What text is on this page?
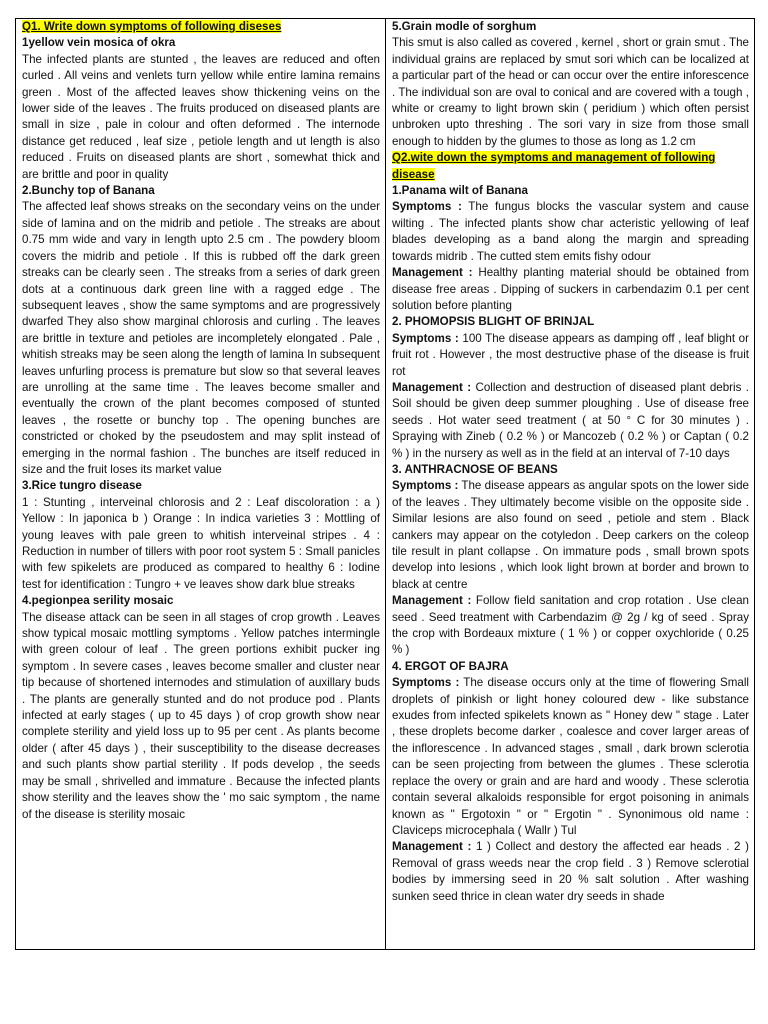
Q1. Write down symptoms of following diseses

1yellow vein mosica of okra

The infected plants are stunted , the leaves are reduced and often curled . All veins and venlets turn yellow while entire lamina remains green . Most of the affected leaves show thickening veins on the lower side of the leaves . The fruits produced on diseased plants are small in size , pale in colour and often deformed . The internode distance get reduced , leaf size , petiole length and ut length is also reduced . Fruits on diseased plants are short , somewhat thick and are brittle and poor in quality

2.Bunchy top of Banana

The affected leaf shows streaks on the secondary veins on the under side of lamina and on the midrib and petiole . The streaks are about 0.75 mm wide and vary in length upto 2.5 cm . The powdery bloom covers the midrib and petiole . If this is rubbed off the dark green streaks can be clearly seen . The streaks from a series of dark green dots at a continuous dark green line with a ragged edge . The subsequent leaves , show the same symptoms and are progressively dwarfed They also show marginal chlorosis and curling . The leaves are brittle in texture and petioles are incompletely elongated . Pale , whitish streaks may be seen along the length of lamina In subsequent leaves unfurling process is premature but slow so that several leaves are unrolling at the same time . The leaves become smaller and eventually the crown of the plant becomes composed of stunted leaves , the rosette or bunchy top . The opening bunches are constricted or choked by the pseudostem and may split instead of emerging in the normal fashion . The bunches are itself reduced in size and the fruit loses its market value

3.Rice tungro disease

1 : Stunting , interveinal chlorosis and 2 : Leaf discoloration : a ) Yellow : In japonica b ) Orange : In indica varieties 3 : Mottling of young leaves with pale green to whitish interveinal stripes . 4 : Reduction in number of tillers with poor root system 5 : Small panicles with few spikelets are produced as compared to healthy 6 : Iodine test for identification : Tungro + ve leaves show dark blue streaks

4.pegionpea serility mosaic

The disease attack can be seen in all stages of crop growth . Leaves show typical mosaic mottling symptoms . Yellow patches intermingle with green colour of leaf . The green portions exhibit pucker ing symptom . In severe cases , leaves become smaller and cluster near tip because of shortened internodes and stimulation of auxillary buds . The plants are generally stunted and do not produce pod . Plants infected at early stages ( up to 45 days ) of crop growth show near complete sterility and yield loss up to 95 per cent . As plants become older ( after 45 days ) , their susceptibility to the disease decreases and such plants show partial sterility . If pods develop , the seeds may be small , shrivelled and immature . Because the infected plants show sterility and the leaves show the ' mo saic symptom , the name of the disease is sterility mosaic

5.Grain modle of sorghum

This smut is also called as covered , kernel , short or grain smut . The individual grains are replaced by smut sori which can be localized at a particular part of the head or can occur over the entire inforescence . The individual son are oval to conical and are covered with a tough , white or creamy to light brown skin ( peridium ) which often persist unbroken upto threshing . The sori vary in size from those small enough to hidden by the glumes to those as long as 1.2 cm

Q2.wite down the symptoms and management of following disease

1.Panama wilt of Banana

Symptoms : The fungus blocks the vascular system and cause wilting . The infected plants show char acteristic yellowing of leaf blades developing as a band along the margin and spreading towards midrib . The cutted stem emits fishy odour

Management : Healthy planting material should be obtained from disease free areas . Dipping of suckers in carbendazim 0.1 per cent solution before planting

2. PHOMOPSIS BLIGHT OF BRINJAL

Symptoms : 100 The disease appears as damping off , leaf blight or fruit rot . However , the most destructive phase of the disease is fruit rot

Management : Collection and destruction of diseased plant debris . Soil should be given deep summer ploughing . Use of disease free seeds . Hot water seed treatment ( at 50 ° C for 30 minutes ) . Spraying with Zineb ( 0.2 % ) or Mancozeb ( 0.2 % ) or Captan ( 0.2 % ) in the nursery as well as in the field at an interval of 7-10 days

3. ANTHRACNOSE OF BEANS

Symptoms : The disease appears as angular spots on the lower side of the leaves . They ultimately become visible on the opposite side . Similar lesions are also found on seed , petiole and stem . Black cankers may appear on the cotyledon . Deep carkers on the coleop tile result in plant collapse . On immature pods , small brown spots develop into lesions , which look light brown at border and brown to black at centre

Management : Follow field sanitation and crop rotation . Use clean seed . Seed treatment with Carbendazim @ 2g / kg of seed . Spray the crop with Bordeaux mixture ( 1 % ) or copper oxychloride ( 0.25 % )

4. ERGOT OF BAJRA

Symptoms : The disease occurs only at the time of flowering Small droplets of pinkish or light honey coloured dew - like substance exudes from infected spikelets known as " Honey dew " stage . Later , these droplets become darker , coalesce and cover larger areas of the inflorescence . In advanced stages , small , dark brown sclerotia can be seen projecting from between the glumes . These sclerotia replace the overy or grain and are hard and woody . These sclerotia contain several alkaloids responsible for ergot poisoning in animals known as " Ergotoxin " or " Ergotin " . Synonimous old name : Claviceps microcephala ( Wallr ) Tul

Management : 1 ) Collect and destory the affected ear heads . 2 ) Removal of grass weeds near the crop field . 3 ) Remove sclerotial bodies by immersing seed in 20 % salt solution . After washing sunken seed thrice in clean water dry seeds in shade
